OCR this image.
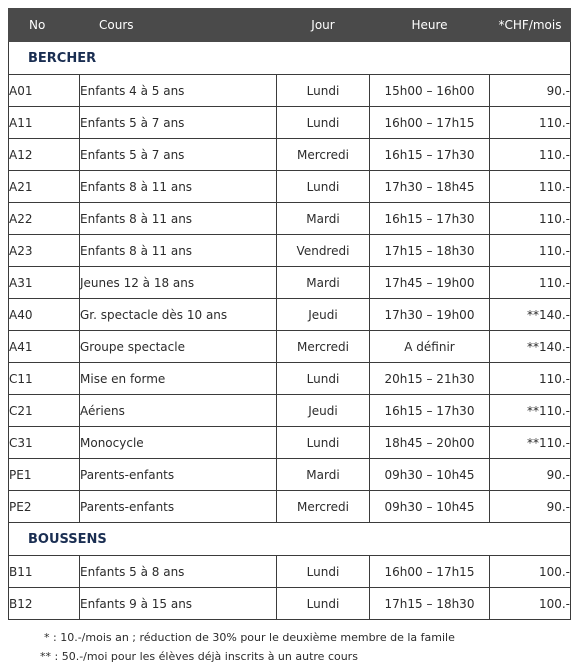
No	Cours	Jour	Heure	*CHF/mois
BERCHER				
A01	Enfants 4 à 5 ans	Lundi	15h00 – 16h00	90.-
A11	Enfants 5 à 7 ans	Lundi	16h00 – 17h15	110.-
A12	Enfants 5 à 7 ans	Mercredi	16h15 – 17h30	110.-
A21	Enfants 8 à 11 ans	Lundi	17h30 – 18h45	110.-
A22	Enfants 8 à 11 ans	Mardi	16h15 – 17h30	110.-
A23	Enfants 8 à 11 ans	Vendredi	17h15 – 18h30	110.-
A31	Jeunes 12 à 18 ans	Mardi	17h45 – 19h00	110.-
A40	Gr. spectacle dès 10 ans	Jeudi	17h30 – 19h00	**140.-
A41	Groupe spectacle	Mercredi	A définir	**140.-
C11	Mise en forme	Lundi	20h15 – 21h30	110.-
C21	Aériens	Jeudi	16h15 – 17h30	**110.-
C31	Monocycle	Lundi	18h45 – 20h00	**110.-
PE1	Parents-enfants	Mardi	09h30 – 10h45	90.-
PE2	Parents-enfants	Mercredi	09h30 – 10h45	90.-
BOUSSENS				
B11	Enfants 5 à 8 ans	Lundi	16h00 – 17h15	100.-
B12	Enfants 9 à 15 ans	Lundi	17h15 – 18h30	100.-
* : 10.-/mois an ; réduction de 30% pour le deuxième membre de la famile
** : 50.-/moi pour les élèves déjà inscrits à un autre cours
